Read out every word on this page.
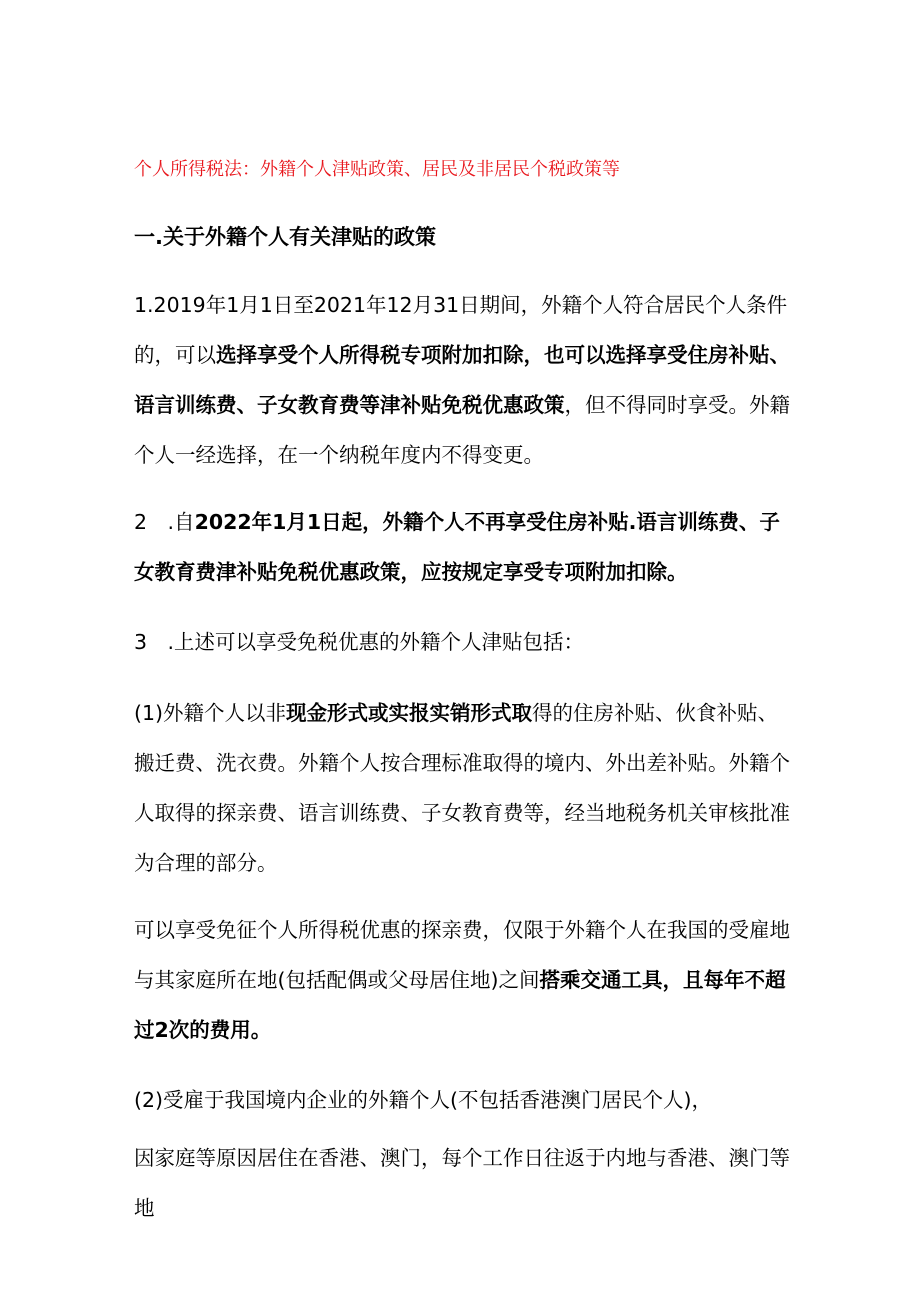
个人所得税法：外籍个人津贴政策、居民及非居民个税政策等
一.关于外籍个人有关津贴的政策
1.2019年1月1日至2021年12月31日期间，外籍个人符合居民个人条件的，可以选择享受个人所得税专项附加扣除，也可以选择享受住房补贴、语言训练费、子女教育费等津补贴免税优惠政策，但不得同时享受。外籍个人一经选择，在一个纳税年度内不得变更。
2　.自2022年1月1日起，外籍个人不再享受住房补贴.语言训练费、子女教育费津补贴免税优惠政策，应按规定享受专项附加扣除。
3　.上述可以享受免税优惠的外籍个人津贴包括：
(1)外籍个人以非现金形式或实报实销形式取得的住房补贴、伙食补贴、搬迁费、洗衣费。外籍个人按合理标准取得的境内、外出差补贴。外籍个人取得的探亲费、语言训练费、子女教育费等，经当地税务机关审核批准为合理的部分。
可以享受免征个人所得税优惠的探亲费，仅限于外籍个人在我国的受雇地与其家庭所在地(包括配偶或父母居住地)之间搭乘交通工具，且每年不超过2次的费用。
(2)受雇于我国境内企业的外籍个人(不包括香港澳门居民个人)，
因家庭等原因居住在香港、澳门，每个工作日往返于内地与香港、澳门等地
